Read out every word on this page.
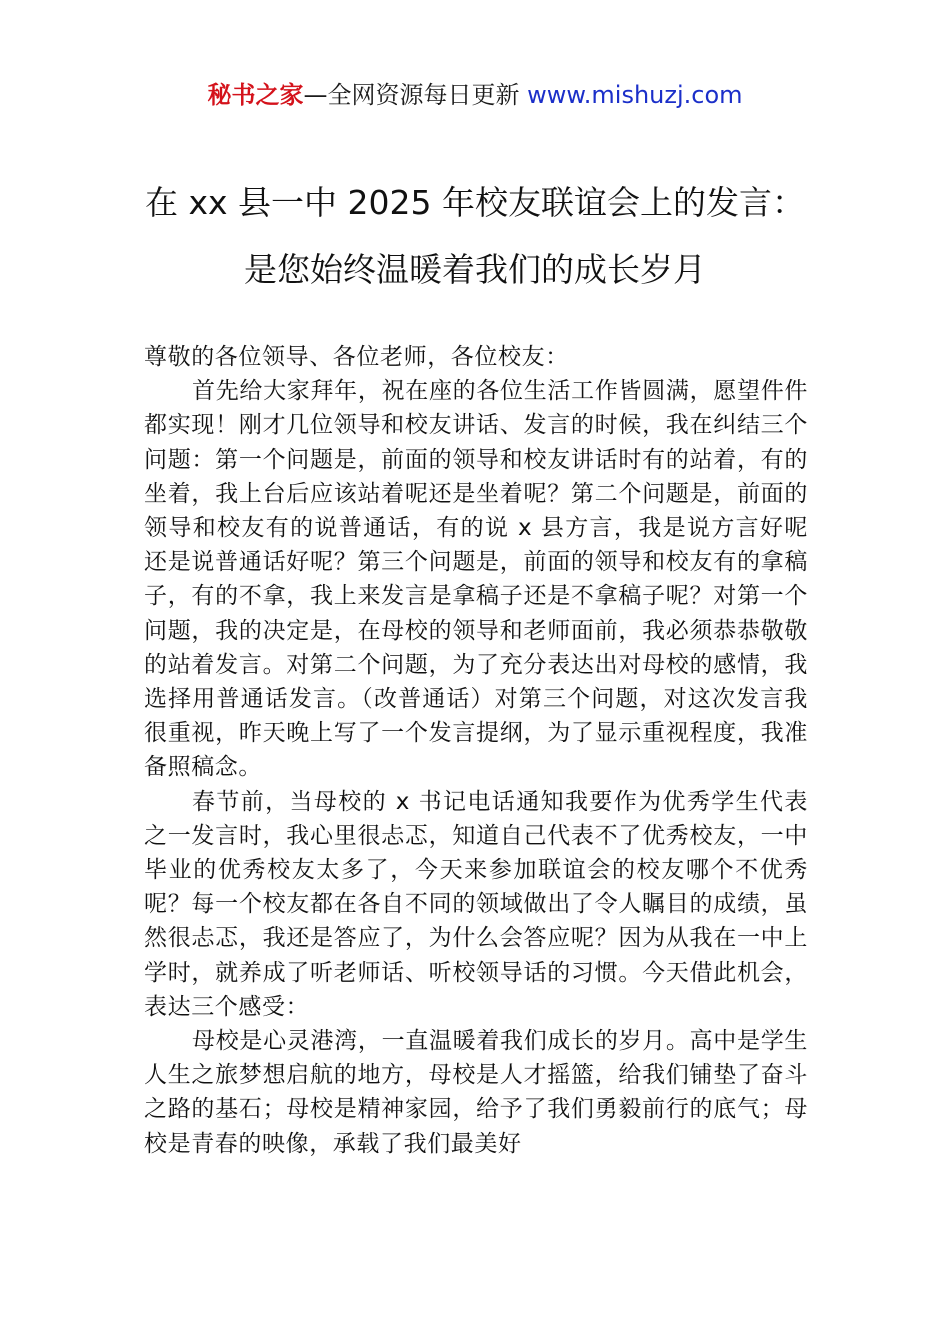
秘书之家—全网资源每日更新 www.mishuzj.com
在 xx 县一中 2025 年校友联谊会上的发言：
是您始终温暖着我们的成长岁月

尊敬的各位领导、各位老师，各位校友：

首先给大家拜年，祝在座的各位生活工作皆圆满，愿望件件都实现！刚才几位领导和校友讲话、发言的时候，我在纠结三个问题：第一个问题是，前面的领导和校友讲话时有的站着，有的坐着，我上台后应该站着呢还是坐着呢？第二个问题是，前面的领导和校友有的说普通话，有的说 x 县方言，我是说方言好呢还是说普通话好呢？第三个问题是，前面的领导和校友有的拿稿子，有的不拿，我上来发言是拿稿子还是不拿稿子呢？对第一个问题，我的决定是，在母校的领导和老师面前，我必须恭恭敬敬的站着发言。对第二个问题，为了充分表达出对母校的感情，我选择用普通话发言。（改普通话）对第三个问题，对这次发言我很重视，昨天晚上写了一个发言提纲，为了显示重视程度，我准备照稿念。

春节前，当母校的 x 书记电话通知我要作为优秀学生代表之一发言时，我心里很忐忑，知道自己代表不了优秀校友，一中毕业的优秀校友太多了，今天来参加联谊会的校友哪个不优秀呢？每一个校友都在各自不同的领域做出了令人瞩目的成绩，虽然很忐忑，我还是答应了，为什么会答应呢？因为从我在一中上学时，就养成了听老师话、听校领导话的习惯。今天借此机会，表达三个感受：

母校是心灵港湾，一直温暖着我们成长的岁月。高中是学生人生之旅梦想启航的地方，母校是人才摇篮，给我们铺垫了奋斗之路的基石；母校是精神家园，给予了我们勇毅前行的底气；母校是青春的映像，承载了我们最美好
